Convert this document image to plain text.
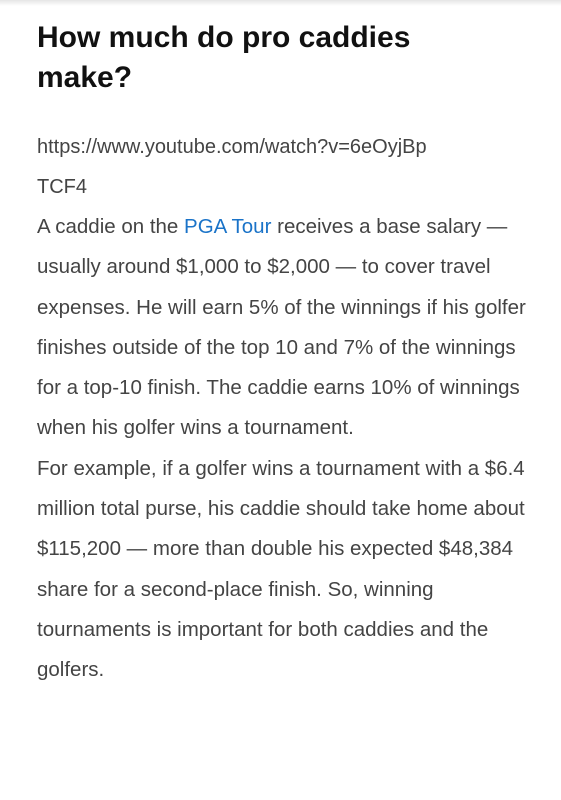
How much do pro caddies make?
https://www.youtube.com/watch?v=6eOyjBpTCF4

A caddie on the PGA Tour receives a base salary — usually around $1,000 to $2,000 — to cover travel expenses. He will earn 5% of the winnings if his golfer finishes outside of the top 10 and 7% of the winnings for a top-10 finish. The caddie earns 10% of winnings when his golfer wins a tournament.

For example, if a golfer wins a tournament with a $6.4 million total purse, his caddie should take home about $115,200 — more than double his expected $48,384 share for a second-place finish. So, winning tournaments is important for both caddies and the golfers.
